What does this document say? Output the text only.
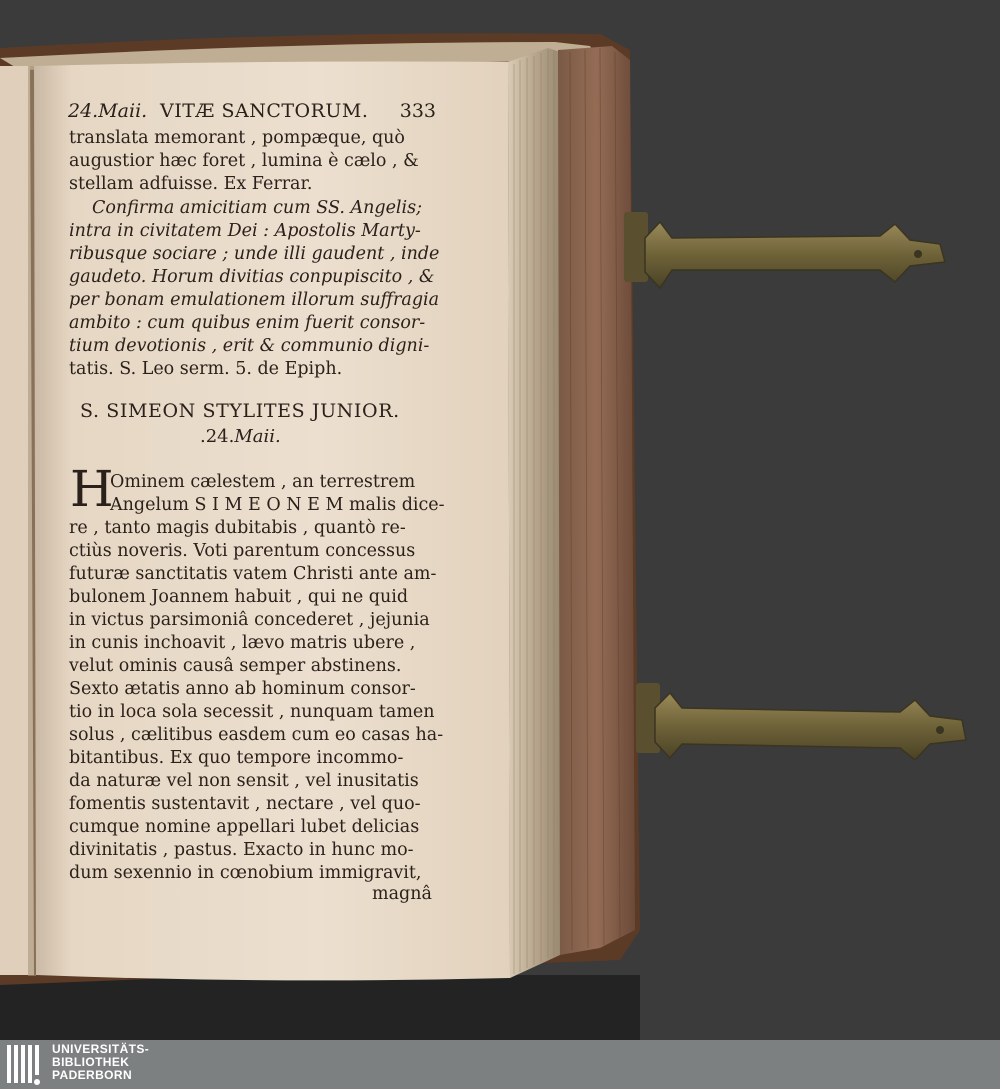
24.Maii. VITÆ SANCTORUM. 333
translata memorant , pompæque, quò
augustior hæc foret , lumina è cælo , &
stellam adfuisse. Ex Ferrar.
Confirma amicitiam cum SS. Angelis;
intra in civitatem Dei : Apostolis Marty-
ribusque sociare ; unde illi gaudent , inde
gaudeto. Horum divitias conpupiscito , &
per bonam emulationem illorum suffragia
ambito : cum quibus enim fuerit consor-
tium devotionis , erit & communio digni-
tatis. S. Leo serm. 5. de Epiph.
S. SIMEON STYLITES JUNIOR.
.24.Maii.
H
Ominem cælestem , an terrestrem
Angelum S I M E O N E M malis dice-
re , tanto magis dubitabis , quantò re-
ctiùs noveris. Voti parentum concessus
futuræ sanctitatis vatem Christi ante am-
bulonem Joannem habuit , qui ne quid
in victus parsimoniâ concederet , jejunia
in cunis inchoavit , lævo matris ubere ,
velut ominis causâ semper abstinens.
Sexto ætatis anno ab hominum consor-
tio in loca sola secessit , nunquam tamen
solus , cælitibus easdem cum eo casas ha-
bitantibus. Ex quo tempore incommo-
da naturæ vel non sensit , vel inusitatis
fomentis sustentavit , nectare , vel quo-
cumque nomine appellari lubet delicias
divinitatis , pastus. Exacto in hunc mo-
dum sexennio in cœnobium immigravit,
magnâ
UNIVERSITÄTS-
BIBLIOTHEK
PADERBORN
